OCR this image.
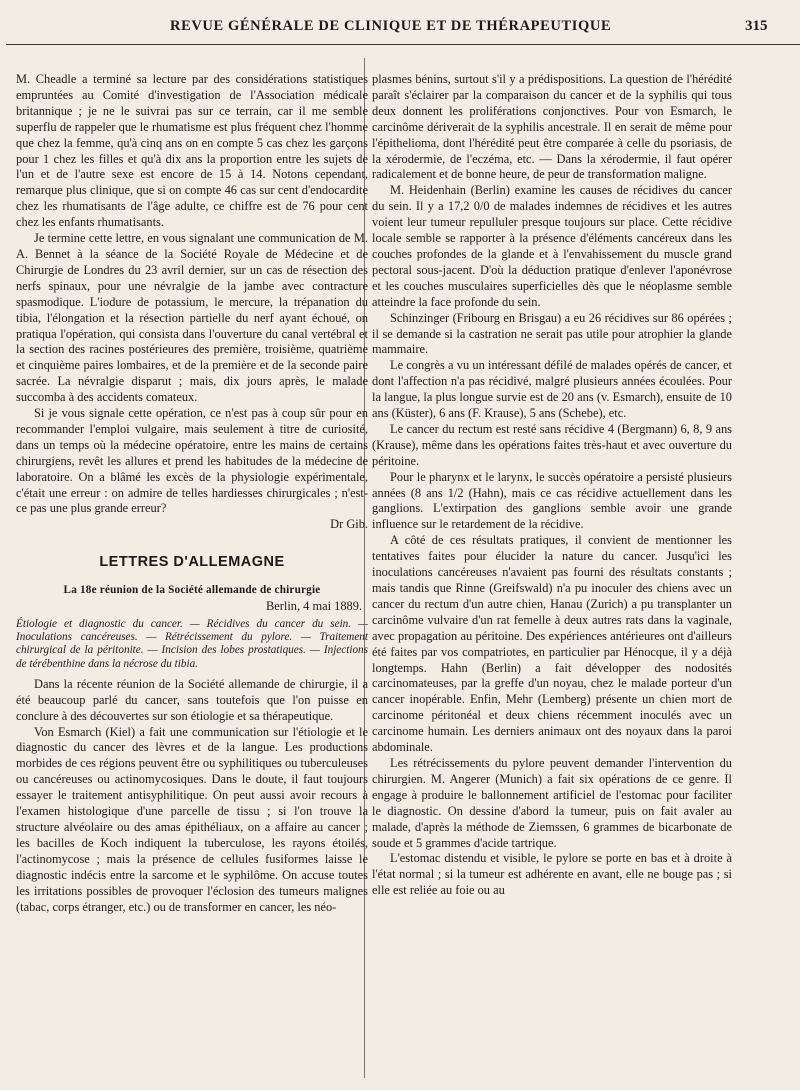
REVUE GÉNÉRALE DE CLINIQUE ET DE THÉRAPEUTIQUE	315

M. Cheadle a terminé sa lecture par des considérations statistiques empruntées au Comité d'investigation de l'Association médicale britannique ; je ne le suivrai pas sur ce terrain, car il me semble superflu de rappeler que le rhumatisme est plus fréquent chez l'homme que chez la femme, qu'à cinq ans on en compte 5 cas chez les garçons pour 1 chez les filles et qu'à dix ans la proportion entre les sujets de l'un et de l'autre sexe est encore de 15 à 14. Notons cependant, remarque plus clinique, que si on compte 46 cas sur cent d'endocardite chez les rhumatisants de l'âge adulte, ce chiffre est de 76 pour cent chez les enfants rhumatisants.

Je termine cette lettre, en vous signalant une communication de M. A. Bennet à la séance de la Société Royale de Médecine et de Chirurgie de Londres du 23 avril dernier, sur un cas de résection des nerfs spinaux, pour une névralgie de la jambe avec contracture spasmodique. L'iodure de potassium, le mercure, la trépanation du tibia, l'élongation et la résection partielle du nerf ayant échoué, on pratiqua l'opération, qui consista dans l'ouverture du canal vertébral et la section des racines postérieures des première, troisième, quatrième et cinquième paires lombaires, et de la première et de la seconde paire sacrée. La névralgie disparut ; mais, dix jours après, le malade succomba à des accidents comateux.

Si je vous signale cette opération, ce n'est pas à coup sûr pour en recommander l'emploi vulgaire, mais seulement à titre de curiosité, dans un temps où la médecine opératoire, entre les mains de certains chirurgiens, revêt les allures et prend les habitudes de la médecine de laboratoire. On a blâmé les excès de la physiologie expérimentale, c'était une erreur : on admire de telles hardiesses chirurgicales ; n'est-ce pas une plus grande erreur?

Dr Gib.
LETTRES D'ALLEMAGNE
La 18e réunion de la Société allemande de chirurgie
Berlin, 4 mai 1889.
Étiologie et diagnostic du cancer. — Récidives du cancer du sein. — Inoculations cancéreuses. — Rétrécissement du pylore. — Traitement chirurgical de la péritonite. — Incision des lobes prostatiques. — Injections de térébenthine dans la nécrose du tibia.

Dans la récente réunion de la Société allemande de chirurgie, il a été beaucoup parlé du cancer, sans toutefois que l'on puisse en conclure à des découvertes sur son étiologie et sa thérapeutique.

Von Esmarch (Kiel) a fait une communication sur l'étiologie et le diagnostic du cancer des lèvres et de la langue. Les productions morbides de ces régions peuvent être ou syphilitiques ou tuberculeuses ou cancéreuses ou actinomycosiques. Dans le doute, il faut toujours essayer le traitement antisyphilitique. On peut aussi avoir recours à l'examen histologique d'une parcelle de tissu ; si l'on trouve la structure alvéolaire ou des amas épithéliaux, on a affaire au cancer ; les bacilles de Koch indiquent la tuberculose, les rayons étoilés, l'actinomycose ; mais la présence de cellules fusiformes laisse le diagnostic indécis entre la sarcome et le syphilôme. On accuse toutes les irritations possibles de provoquer l'éclosion des tumeurs malignes (tabac, corps étranger, etc.) ou de transformer en cancer, les néo-

plasmes bénins, surtout s'il y a prédispositions. La question de l'hérédité paraît s'éclairer par la comparaison du cancer et de la syphilis qui tous deux donnent les proliférations conjonctives. Pour von Esmarch, le carcinôme dériverait de la syphilis ancestrale. Il en serait de même pour l'épithelioma, dont l'hérédité peut être comparée à celle du psoriasis, de la xérodermie, de l'eczéma, etc. — Dans la xérodermie, il faut opérer radicalement et de bonne heure, de peur de transformation maligne.

M. Heidenhain (Berlin) examine les causes de récidives du cancer du sein. Il y a 17,2 0/0 de malades indemnes de récidives et les autres voient leur tumeur repulluler presque toujours sur place. Cette récidive locale semble se rapporter à la présence d'éléments cancéreux dans les couches profondes de la glande et à l'envahissement du muscle grand pectoral sous-jacent. D'où la déduction pratique d'enlever l'aponévrose et les couches musculaires superficielles dès que le néoplasme semble atteindre la face profonde du sein.

Schinzinger (Fribourg en Brisgau) a eu 26 récidives sur 86 opérées ; il se demande si la castration ne serait pas utile pour atrophier la glande mammaire.

Le congrès a vu un intéressant défilé de malades opérés de cancer, et dont l'affection n'a pas récidivé, malgré plusieurs années écoulées. Pour la langue, la plus longue survie est de 20 ans (v. Esmarch), ensuite de 10 ans (Küster), 6 ans (F. Krause), 5 ans (Schebe), etc.

Le cancer du rectum est resté sans récidive 4 (Bergmann) 6, 8, 9 ans (Krause), même dans les opérations faites très-haut et avec ouverture du péritoine.

Pour le pharynx et le larynx, le succès opératoire a persisté plusieurs années (8 ans 1/2 (Hahn), mais ce cas récidive actuellement dans les ganglions. L'extirpation des ganglions semble avoir une grande influence sur le retardement de la récidive.

A côté de ces résultats pratiques, il convient de mentionner les tentatives faites pour élucider la nature du cancer. Jusqu'ici les inoculations cancéreuses n'avaient pas fourni des résultats constants ; mais tandis que Rinne (Greifswald) n'a pu inoculer des chiens avec un cancer du rectum d'un autre chien, Hanau (Zurich) a pu transplanter un carcinôme vulvaire d'un rat femelle à deux autres rats dans la vaginale, avec propagation au péritoine. Des expériences antérieures ont d'ailleurs été faites par vos compatriotes, en particulier par Hénocque, il y a déjà longtemps. Hahn (Berlin) a fait développer des nodosités carcinomateuses, par la greffe d'un noyau, chez le malade porteur d'un cancer inopérable. Enfin, Mehr (Lemberg) présente un chien mort de carcinome péritonéal et deux chiens récemment inoculés avec un carcinome humain. Les derniers animaux ont des noyaux dans la paroi abdominale.

Les rétrécissements du pylore peuvent demander l'intervention du chirurgien. M. Angerer (Munich) a fait six opérations de ce genre. Il engage à produire le ballonnement artificiel de l'estomac pour faciliter le diagnostic. On dessine d'abord la tumeur, puis on fait avaler au malade, d'après la méthode de Ziemssen, 6 grammes de bicarbonate de soude et 5 grammes d'acide tartrique.

L'estomac distendu et visible, le pylore se porte en bas et à droite à l'état normal ; si la tumeur est adhérente en avant, elle ne bouge pas ; si elle est reliée au foie ou au
